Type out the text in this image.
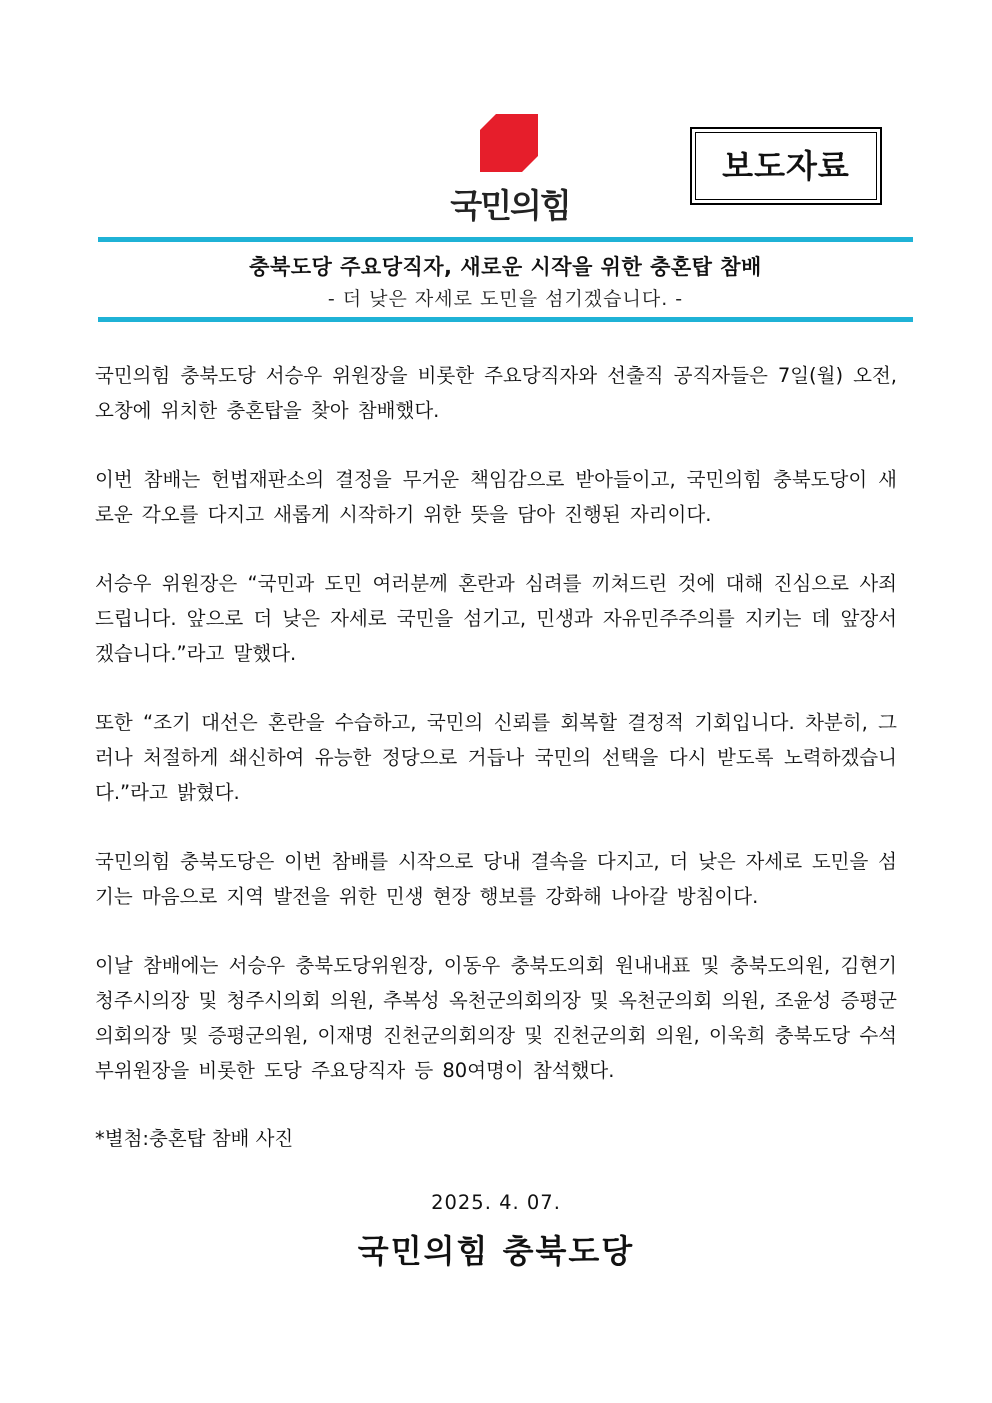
국민의힘
보도자료
충북도당 주요당직자, 새로운 시작을 위한 충혼탑 참배
- 더 낮은 자세로 도민을 섬기겠습니다. -

국민의힘 충북도당 서승우 위원장을 비롯한 주요당직자와 선출직 공직자들은 7일(월) 오전, 오창에 위치한 충혼탑을 찾아 참배했다.

이번 참배는 헌법재판소의 결정을 무거운 책임감으로 받아들이고, 국민의힘 충북도당이 새로운 각오를 다지고 새롭게 시작하기 위한 뜻을 담아 진행된 자리이다.

서승우 위원장은 “국민과 도민 여러분께 혼란과 심려를 끼쳐드린 것에 대해 진심으로 사죄드립니다. 앞으로 더 낮은 자세로 국민을 섬기고, 민생과 자유민주주의를 지키는 데 앞장서겠습니다.”라고 말했다.

또한 “조기 대선은 혼란을 수습하고, 국민의 신뢰를 회복할 결정적 기회입니다. 차분히, 그러나 처절하게 쇄신하여 유능한 정당으로 거듭나 국민의 선택을 다시 받도록 노력하겠습니다.”라고 밝혔다.

국민의힘 충북도당은 이번 참배를 시작으로 당내 결속을 다지고, 더 낮은 자세로 도민을 섬기는 마음으로 지역 발전을 위한 민생 현장 행보를 강화해 나아갈 방침이다.

이날 참배에는 서승우 충북도당위원장, 이동우 충북도의회 원내내표 및 충북도의원, 김현기 청주시의장 및 청주시의회 의원, 추복성 옥천군의회의장 및 옥천군의회 의원, 조윤성 증평군의회의장 및 증평군의원, 이재명 진천군의회의장 및 진천군의회 의원, 이욱희 충북도당 수석부위원장을 비롯한 도당 주요당직자 등 80여명이 참석했다.

*별첨:충혼탑 참배 사진
2025. 4. 07.
국민의힘 충북도당
